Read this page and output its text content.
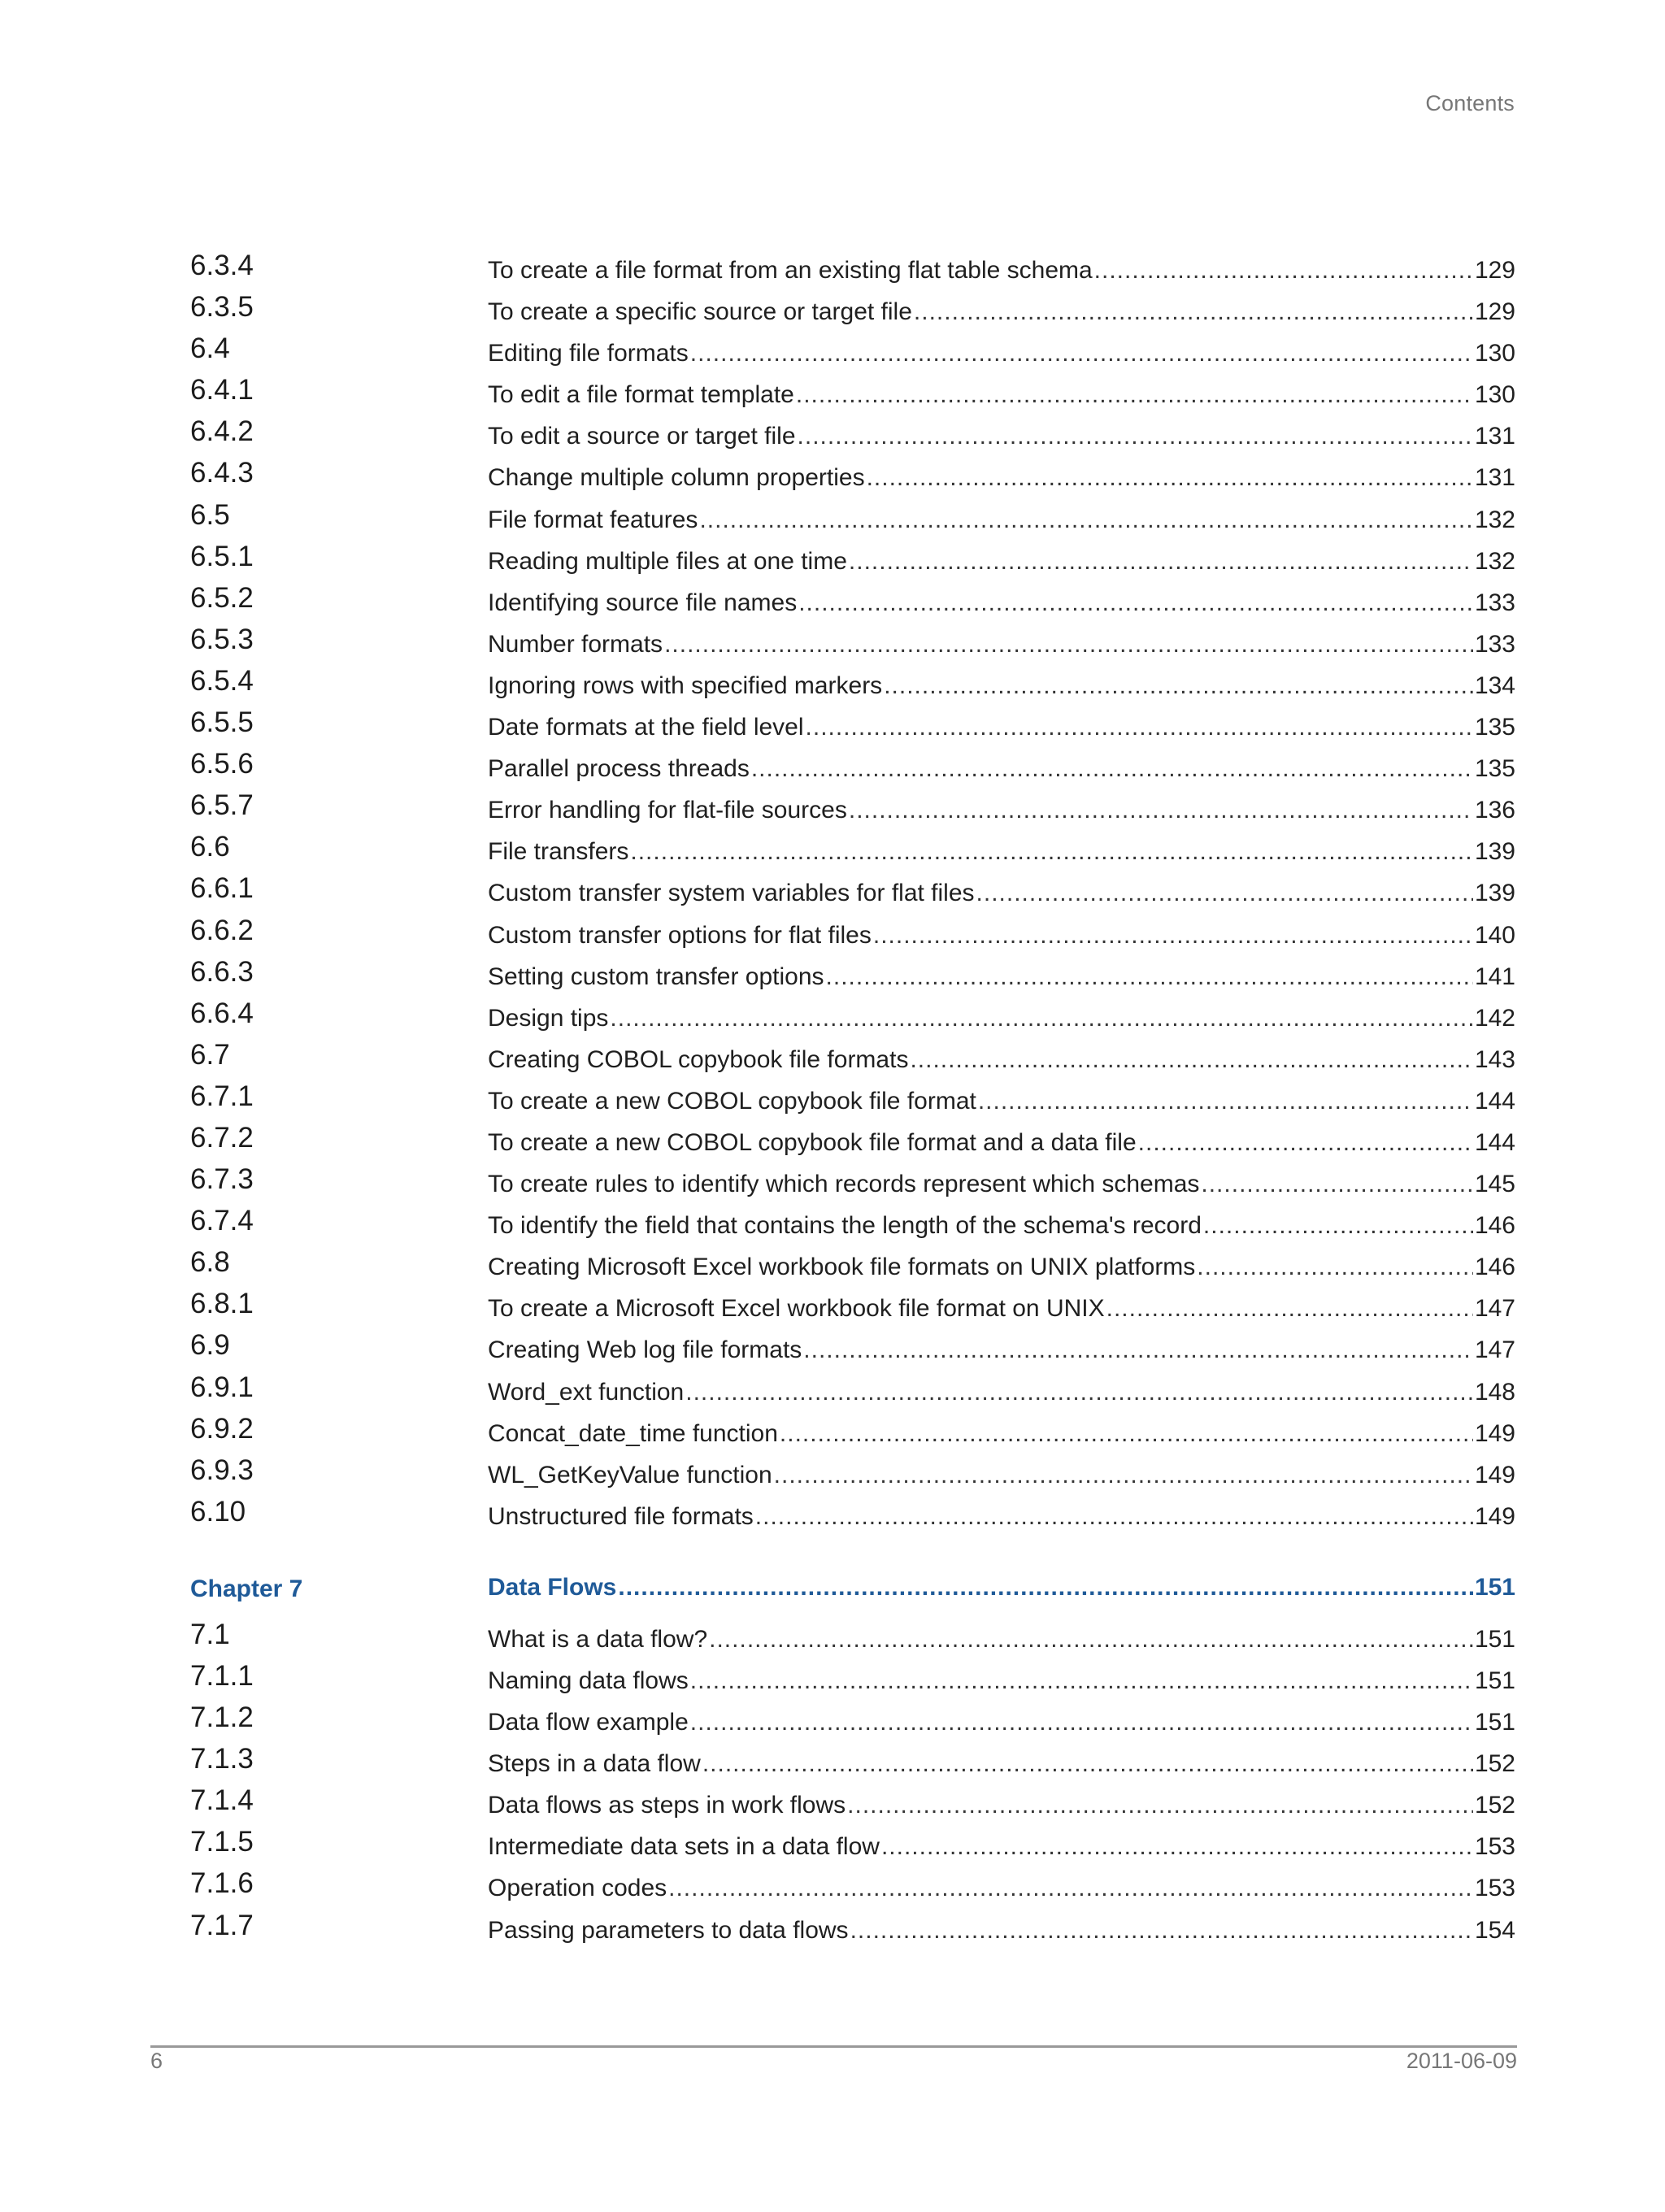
Contents
6.3.4	To create a file format from an existing flat table schema .....	129
6.3.5	To create a specific source or target file .....	129
6.4	Editing file formats .....	130
6.4.1	To edit a file format template .....	130
6.4.2	To edit a source or target file .....	131
6.4.3	Change multiple column properties .....	131
6.5	File format features .....	132
6.5.1	Reading multiple files at one time .....	132
6.5.2	Identifying source file names .....	133
6.5.3	Number formats .....	133
6.5.4	Ignoring rows with specified markers .....	134
6.5.5	Date formats at the field level .....	135
6.5.6	Parallel process threads .....	135
6.5.7	Error handling for flat-file sources .....	136
6.6	File transfers .....	139
6.6.1	Custom transfer system variables for flat files .....	139
6.6.2	Custom transfer options for flat files .....	140
6.6.3	Setting custom transfer options .....	141
6.6.4	Design tips .....	142
6.7	Creating COBOL copybook file formats .....	143
6.7.1	To create a new COBOL copybook file format .....	144
6.7.2	To create a new COBOL copybook file format and a data file .....	144
6.7.3	To create rules to identify which records represent which schemas .....	145
6.7.4	To identify the field that contains the length of the schema's record .....	146
6.8	Creating Microsoft Excel workbook file formats on UNIX platforms .....	146
6.8.1	To create a Microsoft Excel workbook file format on UNIX .....	147
6.9	Creating Web log file formats .....	147
6.9.1	Word_ext function .....	148
6.9.2	Concat_date_time function .....	149
6.9.3	WL_GetKeyValue function .....	149
6.10	Unstructured file formats .....	149
Chapter 7	Data Flows .....	151
7.1	What is a data flow? .....	151
7.1.1	Naming data flows .....	151
7.1.2	Data flow example .....	151
7.1.3	Steps in a data flow .....	152
7.1.4	Data flows as steps in work flows .....	152
7.1.5	Intermediate data sets in a data flow .....	153
7.1.6	Operation codes .....	153
7.1.7	Passing parameters to data flows .....	154
6	2011-06-09
